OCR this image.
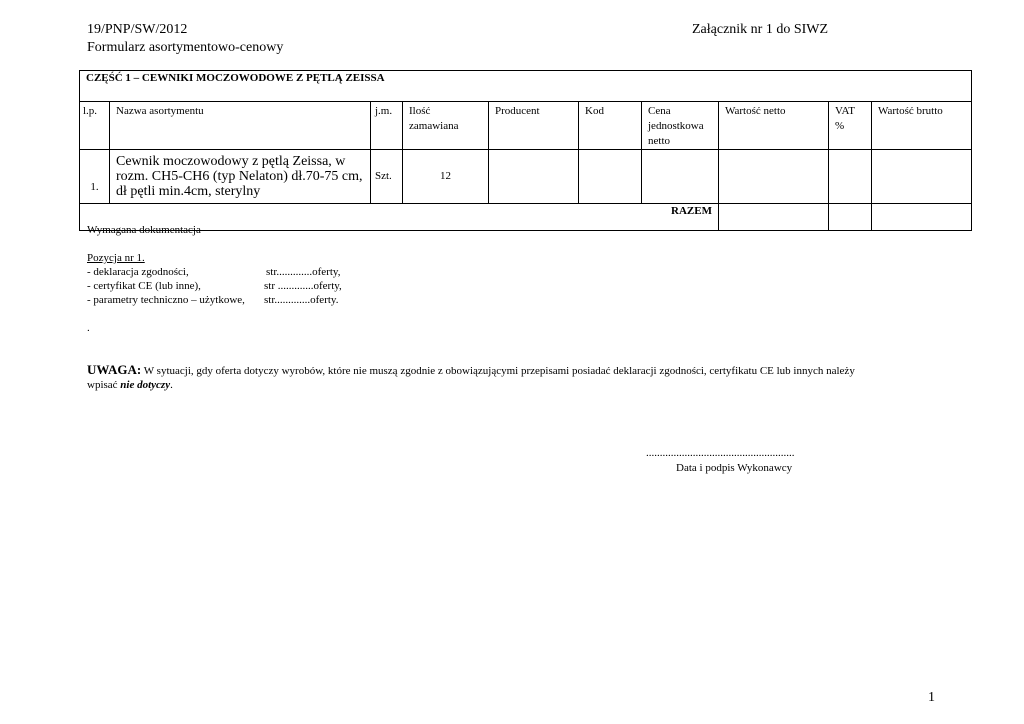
19/PNP/SW/2012	Załącznik nr 1 do SIWZ
Formularz asortymentowo-cenowy
CZĘŚĆ 1 – CEWNIKI MOCZOWODOWE Z PĘTLĄ ZEISSA									
l.p.	Nazwa asortymentu	j.m.	Ilość zamawiana	Producent	Kod	Cena jednostkowa netto	Wartość netto	VAT %	Wartość brutto
1.	Cewnik moczowodowy z pętlą Zeissa, w rozm. CH5-CH6 (typ Nelaton) dł.70-75 cm, dł pętli min.4cm, sterylny	Szt.	12						
RAZEM									
Wymagana dokumentacja
Pozycja nr 1.
- deklaracja zgodności,	str.............oferty,
- certyfikat CE (lub inne),	str .............oferty,
- parametry techniczno – użytkowe, str.............oferty.
.
UWAGA: W sytuacji, gdy oferta dotyczy wyrobów, które nie muszą zgodnie z obowiązującymi przepisami posiadać deklaracji zgodności, certyfikatu CE lub innych należy wpisać nie dotyczy.
......................................................
Data i podpis Wykonawcy
1
